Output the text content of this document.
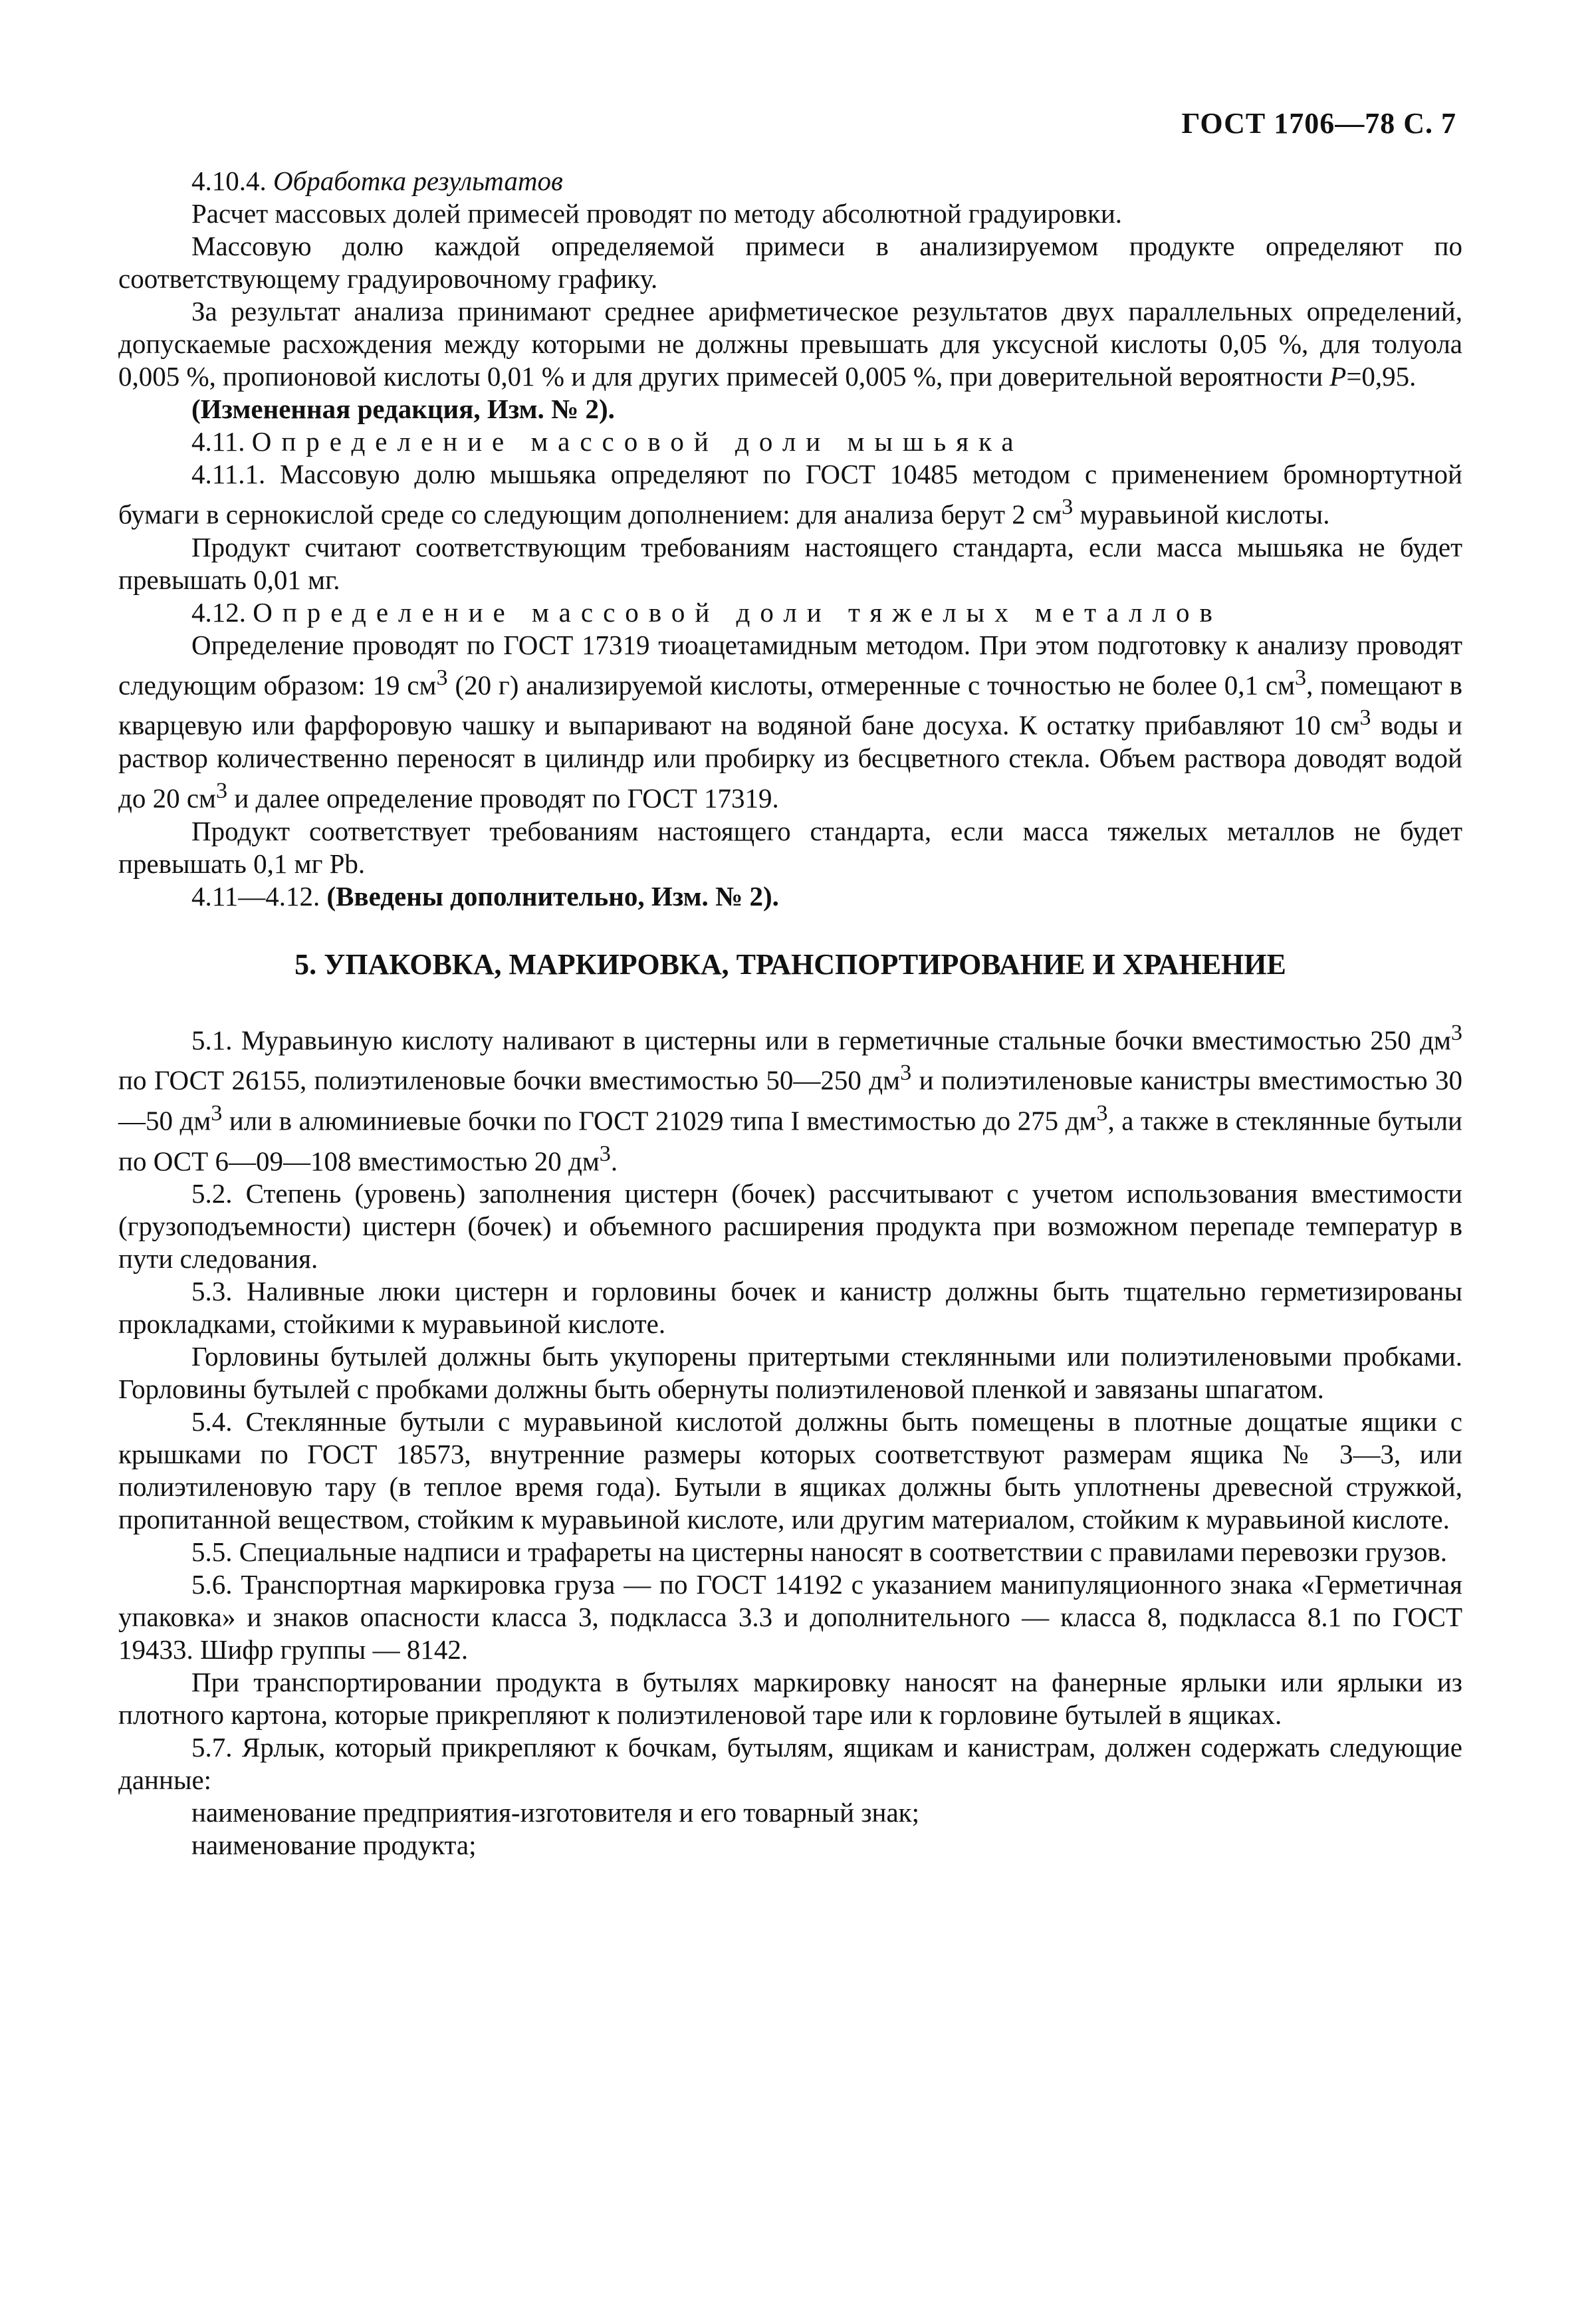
ГОСТ 1706—78 С. 7

4.10.4. Обработка результатов

Расчет массовых долей примесей проводят по методу абсолютной градуировки.

Массовую долю каждой определяемой примеси в анализируемом продукте определяют по соответствующему градуировочному графику.

За результат анализа принимают среднее арифметическое результатов двух параллельных определений, допускаемые расхождения между которыми не должны превышать для уксусной кислоты 0,05 %, для толуола 0,005 %, пропионовой кислоты 0,01 % и для других примесей 0,005 %, при доверительной вероятности P=0,95.

(Измененная редакция, Изм. № 2).

4.11. Определение массовой доли мышьяка

4.11.1. Массовую долю мышьяка определяют по ГОСТ 10485 методом с применением бромнортутной бумаги в сернокислой среде со следующим дополнением: для анализа берут 2 $см^3$ муравьиной кислоты.

Продукт считают соответствующим требованиям настоящего стандарта, если масса мышьяка не будет превышать 0,01 мг.

4.12. Определение массовой доли тяжелых металлов

Определение проводят по ГОСТ 17319 тиоацетамидным методом. При этом подготовку к анализу проводят следующим образом: 19 $см^3$ (20 г) анализируемой кислоты, отмеренные с точностью не более 0,1 $см^3$, помещают в кварцевую или фарфоровую чашку и выпаривают на водяной бане досуха. К остатку прибавляют 10 $см^3$ воды и раствор количественно переносят в цилиндр или пробирку из бесцветного стекла. Объем раствора доводят водой до 20 $см^3$ и далее определение проводят по ГОСТ 17319.

Продукт соответствует требованиям настоящего стандарта, если масса тяжелых металлов не будет превышать 0,1 мг Pb.

4.11—4.12. (Введены дополнительно, Изм. № 2).

5. УПАКОВКА, МАРКИРОВКА, ТРАНСПОРТИРОВАНИЕ И ХРАНЕНИЕ

5.1. Муравьиную кислоту наливают в цистерны или в герметичные стальные бочки вместимостью 250 $дм^3$ по ГОСТ 26155, полиэтиленовые бочки вместимостью 50—250 $дм^3$ и полиэтиленовые канистры вместимостью 30—50 $дм^3$ или в алюминиевые бочки по ГОСТ 21029 типа I вместимостью до 275 $дм^3$, а также в стеклянные бутыли по ОСТ 6—09—108 вместимостью 20 $дм^3$.

5.2. Степень (уровень) заполнения цистерн (бочек) рассчитывают с учетом использования вместимости (грузоподъемности) цистерн (бочек) и объемного расширения продукта при возможном перепаде температур в пути следования.

5.3. Наливные люки цистерн и горловины бочек и канистр должны быть тщательно герметизированы прокладками, стойкими к муравьиной кислоте.

Горловины бутылей должны быть укупорены притертыми стеклянными или полиэтиленовыми пробками. Горловины бутылей с пробками должны быть обернуты полиэтиленовой пленкой и завязаны шпагатом.

5.4. Стеклянные бутыли с муравьиной кислотой должны быть помещены в плотные дощатые ящики с крышками по ГОСТ 18573, внутренние размеры которых соответствуют размерам ящика № 3—3, или полиэтиленовую тару (в теплое время года). Бутыли в ящиках должны быть уплотнены древесной стружкой, пропитанной веществом, стойким к муравьиной кислоте, или другим материалом, стойким к муравьиной кислоте.

5.5. Специальные надписи и трафареты на цистерны наносят в соответствии с правилами перевозки грузов.

5.6. Транспортная маркировка груза — по ГОСТ 14192 с указанием манипуляционного знака «Герметичная упаковка» и знаков опасности класса 3, подкласса 3.3 и дополнительного — класса 8, подкласса 8.1 по ГОСТ 19433. Шифр группы — 8142.

При транспортировании продукта в бутылях маркировку наносят на фанерные ярлыки или ярлыки из плотного картона, которые прикрепляют к полиэтиленовой таре или к горловине бутылей в ящиках.

5.7. Ярлык, который прикрепляют к бочкам, бутылям, ящикам и канистрам, должен содержать следующие данные:

наименование предприятия-изготовителя и его товарный знак;

наименование продукта;
